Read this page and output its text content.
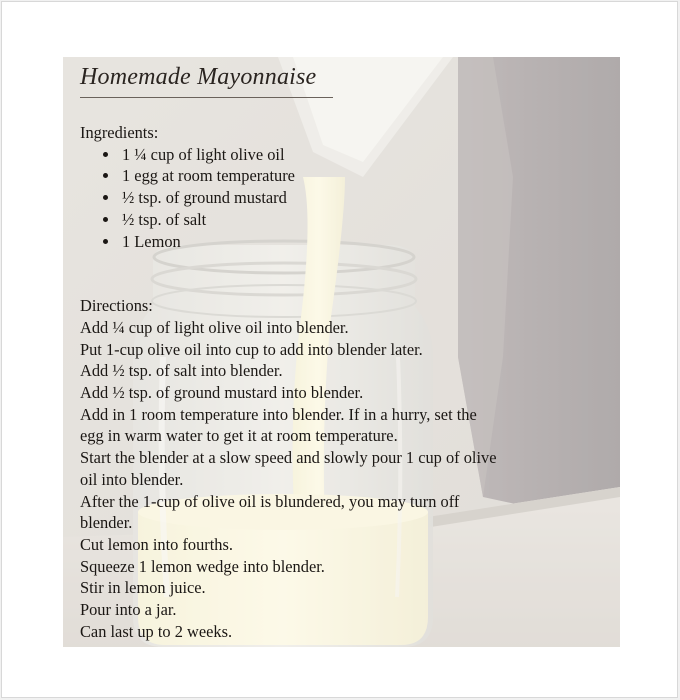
Homemade Mayonnaise

Ingredients:

• 1 ¼ cup of light olive oil
• 1 egg at room temperature
• ½ tsp. of ground mustard
• ½ tsp. of salt
• 1 Lemon

Directions:

Add ¼ cup of light olive oil into blender.

Put 1-cup olive oil into cup to add into blender later.

Add ½ tsp. of salt into blender.

Add ½ tsp. of ground mustard into blender.

Add in 1 room temperature into blender. If in a hurry, set the

egg in warm water to get it at room temperature.

Start the blender at a slow speed and slowly pour 1 cup of olive

oil into blender.

After the 1-cup of olive oil is blundered, you may turn off

blender.

Cut lemon into fourths.

Squeeze 1 lemon wedge into blender.

Stir in lemon juice.

Pour into a jar.

Can last up to 2 weeks.
